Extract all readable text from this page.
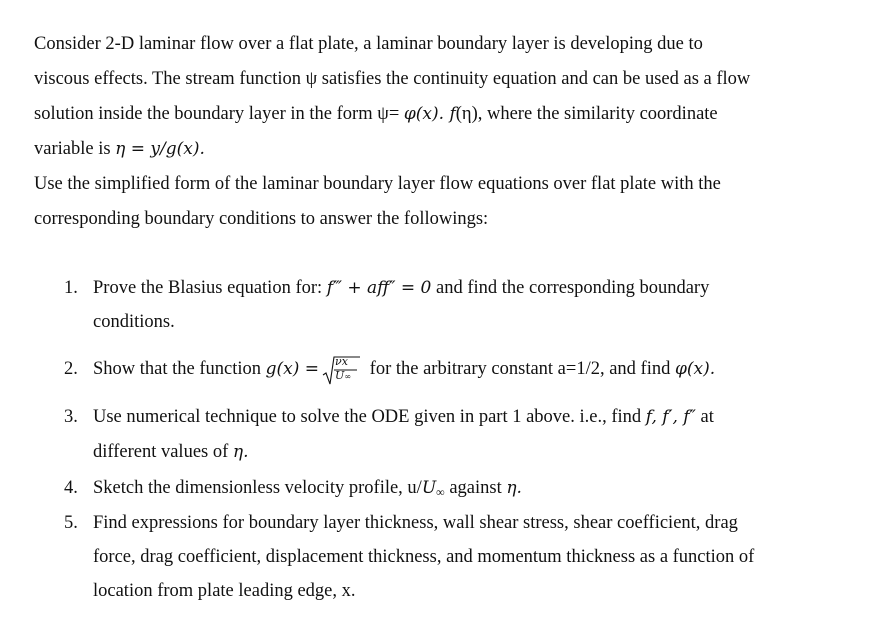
Consider 2-D laminar flow over a flat plate, a laminar boundary layer is developing due to
viscous effects. The stream function ψ satisfies the continuity equation and can be used as a flow
solution inside the boundary layer in the form ψ= φ(x). f(η), where the similarity coordinate
variable is η = y/g(x).
Use the simplified form of the laminar boundary layer flow equations over flat plate with the
corresponding boundary conditions to answer the followings:
1. Prove the Blasius equation for: f‴ + aff″ = 0 and find the corresponding boundary
conditions.
2. Show that the function g(x) = νx
U∞ for the arbitrary constant a=1/2, and find φ(x).
3. Use numerical technique to solve the ODE given in part 1 above. i.e., find f, f′, f″ at
different values of η.
4. Sketch the dimensionless velocity profile, $u/U_\infty$ against η.
5. Find expressions for boundary layer thickness, wall shear stress, shear coefficient, drag
force, drag coefficient, displacement thickness, and momentum thickness as a function of
location from plate leading edge, x.
